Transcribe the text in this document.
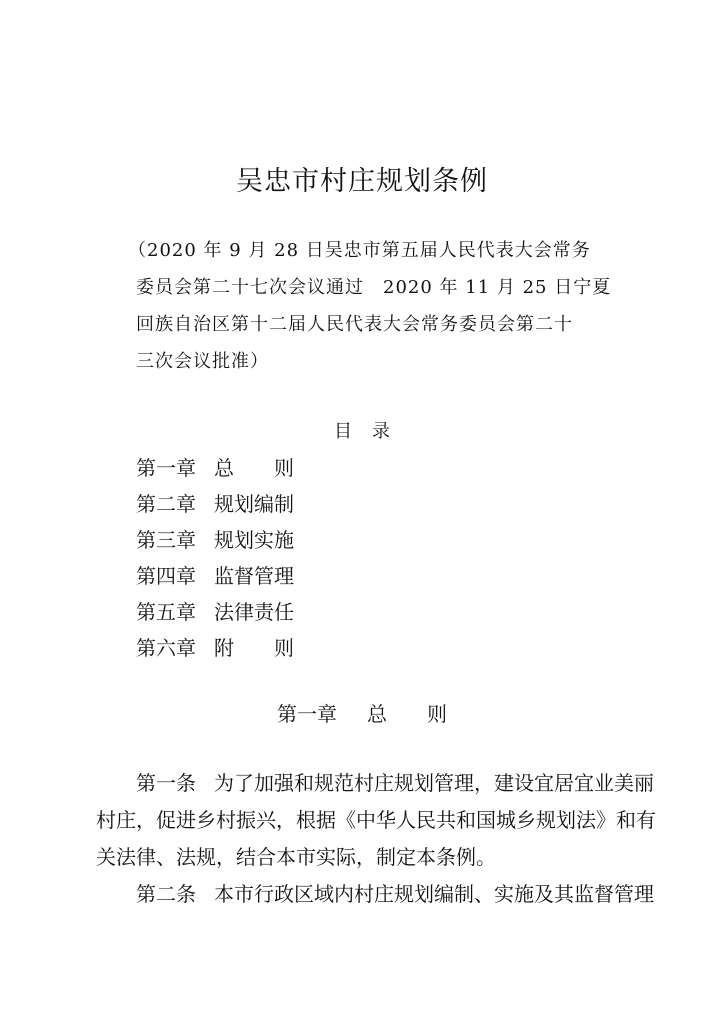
吴忠市村庄规划条例
（2020 年 9 月 28 日吴忠市第五届人民代表大会常务
委员会第二十七次会议通过　2020 年 11 月 25 日宁夏
回族自治区第十二届人民代表大会常务委员会第二十
三次会议批准）
目录
第一章 总　　则
第二章 规划编制
第三章 规划实施
第四章 监督管理
第五章 法律责任
第六章 附　　则
第一章 总　　则
第一条 为了加强和规范村庄规划管理，建设宜居宜业美丽
村庄，促进乡村振兴，根据《中华人民共和国城乡规划法》和有
关法律、法规，结合本市实际，制定本条例。
第二条 本市行政区域内村庄规划编制、实施及其监督管理
